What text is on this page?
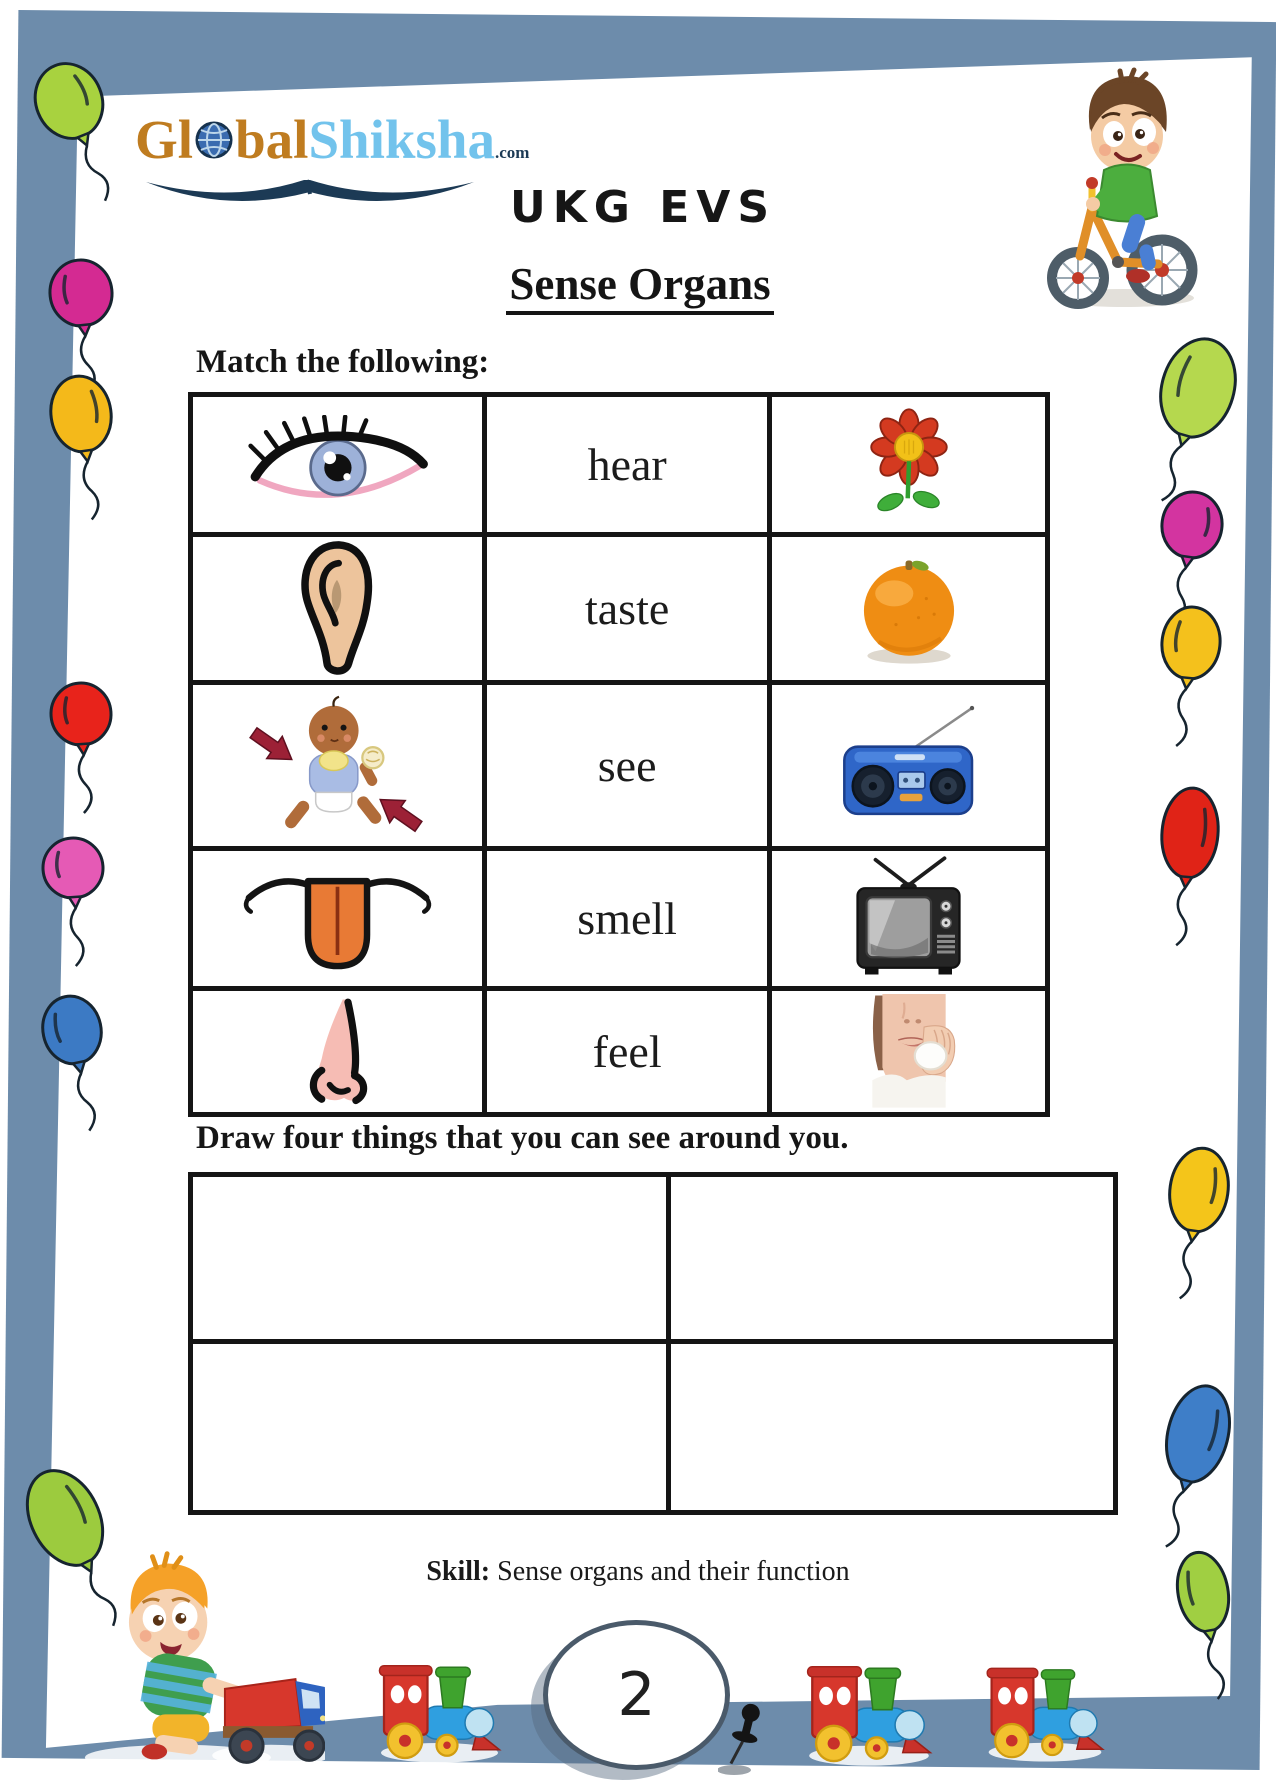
Gl balShiksha.com
UKG EVS
Sense Organs
Match the following:
hear
taste
see
smell
feel
Draw four things that you can see around you.
Skill: Sense organs and their function
2
